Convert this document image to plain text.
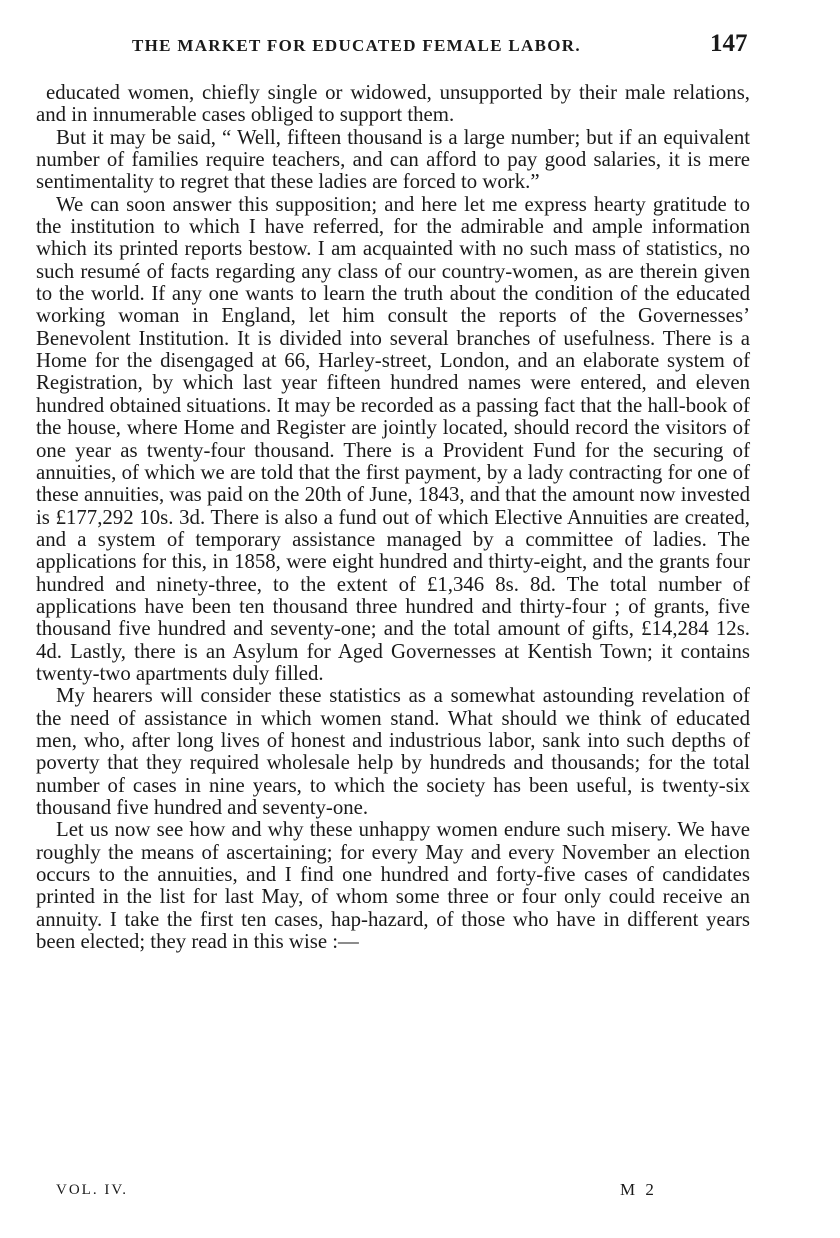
THE MARKET FOR EDUCATED FEMALE LABOR.	147

educated women, chiefly single or widowed, unsupported by their male relations, and in innumerable cases obliged to support them.

But it may be said, “ Well, fifteen thousand is a large number; but if an equivalent number of families require teachers, and can afford to pay good salaries, it is mere sentimentality to regret that these ladies are forced to work.”

We can soon answer this supposition; and here let me express hearty gratitude to the institution to which I have referred, for the admirable and ample information which its printed reports bestow. I am acquainted with no such mass of statistics, no such resumé of facts regarding any class of our country-women, as are therein given to the world. If any one wants to learn the truth about the condition of the educated working woman in England, let him consult the reports of the Governesses’ Benevolent Institution. It is divided into several branches of usefulness. There is a Home for the disengaged at 66, Harley-street, London, and an elaborate system of Registration, by which last year fifteen hundred names were entered, and eleven hundred obtained situations. It may be recorded as a passing fact that the hall-book of the house, where Home and Register are jointly located, should record the visitors of one year as twenty-four thousand. There is a Provident Fund for the securing of annuities, of which we are told that the first payment, by a lady contracting for one of these annuities, was paid on the 20th of June, 1843, and that the amount now invested is £177,292 10s. 3d. There is also a fund out of which Elective Annuities are created, and a system of temporary assistance managed by a committee of ladies. The applications for this, in 1858, were eight hundred and thirty-eight, and the grants four hundred and ninety-three, to the extent of £1,346 8s. 8d. The total number of applications have been ten thousand three hundred and thirty-four ; of grants, five thousand five hundred and seventy-one; and the total amount of gifts, £14,284 12s. 4d. Lastly, there is an Asylum for Aged Governesses at Kentish Town; it contains twenty-two apartments duly filled.

My hearers will consider these statistics as a somewhat astounding revelation of the need of assistance in which women stand. What should we think of educated men, who, after long lives of honest and industrious labor, sank into such depths of poverty that they required wholesale help by hundreds and thousands; for the total number of cases in nine years, to which the society has been useful, is twenty-six thousand five hundred and seventy-one.

Let us now see how and why these unhappy women endure such misery. We have roughly the means of ascertaining; for every May and every November an election occurs to the annuities, and I find one hundred and forty-five cases of candidates printed in the list for last May, of whom some three or four only could receive an annuity. I take the first ten cases, hap-hazard, of those who have in different years been elected; they read in this wise :—

VOL. IV.	M 2
